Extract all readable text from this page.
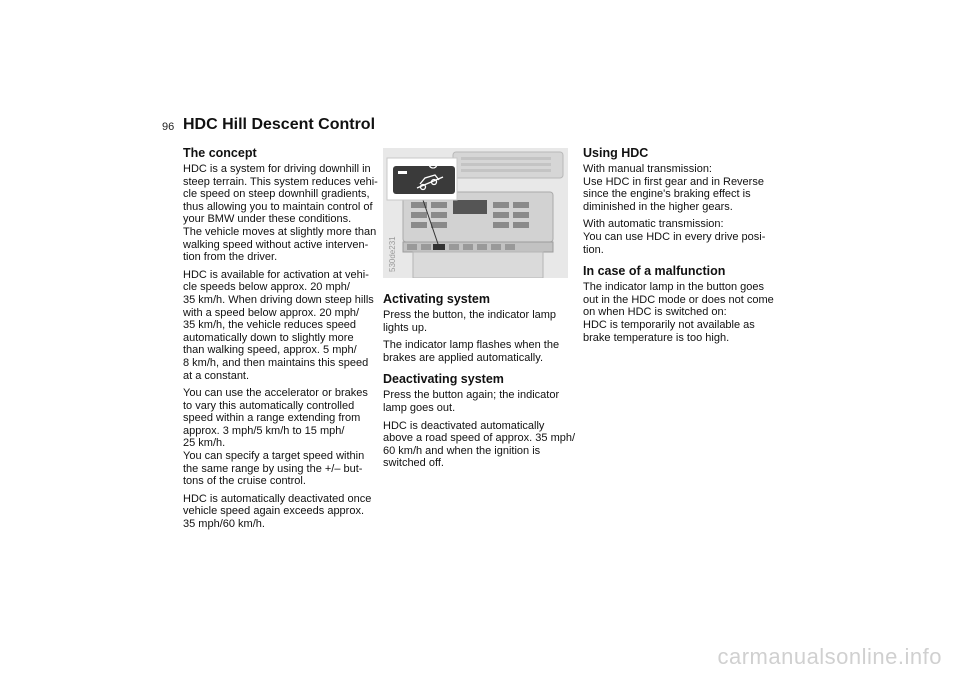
96 HDC Hill Descent Control
The concept

HDC is a system for driving downhill in
steep terrain. This system reduces vehi-
cle speed on steep downhill gradients,
thus allowing you to maintain control of
your BMW under these conditions.
The vehicle moves at slightly more than
walking speed without active interven-
tion from the driver.

HDC is available for activation at vehi-
cle speeds below approx. 20 mph/
35 km/h. When driving down steep hills
with a speed below approx. 20 mph/
35 km/h, the vehicle reduces speed
automatically down to slightly more
than walking speed, approx. 5 mph/
8 km/h, and then maintains this speed
at a constant.

You can use the accelerator or brakes
to vary this automatically controlled
speed within a range extending from
approx. 3 mph/5 km/h to 15 mph/
25 km/h.
You can specify a target speed within
the same range by using the +/– but-
tons of the cruise control.

HDC is automatically deactivated once
vehicle speed again exceeds approx.
35 mph/60 km/h.

530de231
Activating system

Press the button, the indicator lamp
lights up.

The indicator lamp flashes when the
brakes are applied automatically.

Deactivating system

Press the button again; the indicator
lamp goes out.

HDC is deactivated automatically
above a road speed of approx. 35 mph/
60 km/h and when the ignition is
switched off.

Using HDC

With manual transmission:
Use HDC in first gear and in Reverse
since the engine's braking effect is
diminished in the higher gears.

With automatic transmission:
You can use HDC in every drive posi-
tion.

In case of a malfunction

The indicator lamp in the button goes
out in the HDC mode or does not come
on when HDC is switched on:
HDC is temporarily not available as
brake temperature is too high.

carmanualsonline.info
